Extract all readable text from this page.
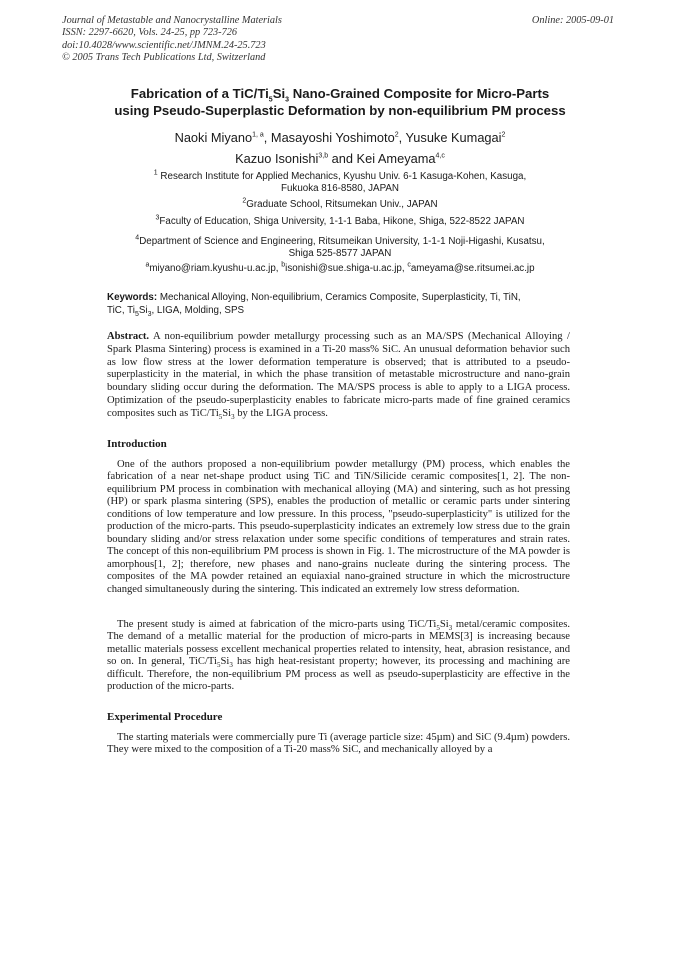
Journal of Metastable and Nanocrystalline Materials
ISSN: 2297-6620, Vols. 24-25, pp 723-726
doi:10.4028/www.scientific.net/JMNM.24-25.723
© 2005 Trans Tech Publications Ltd, Switzerland
Online: 2005-09-01
Fabrication of a TiC/$Ti_5Si_3$ Nano-Grained Composite for Micro-Parts
using Pseudo-Superplastic Deformation by non-equilibrium PM process
Naoki Miyano$^{1, a}$, Masayoshi Yoshimoto$^2$, Yusuke Kumagai$^2$
Kazuo Isonishi$^{3,b}$ and Kei Ameyama$^{4,c}$
$^1$ Research Institute for Applied Mechanics, Kyushu Univ. 6-1 Kasuga-Kohen, Kasuga,
Fukuoka 816-8580, JAPAN
$^2$Graduate School, Ritsumekan Univ., JAPAN
$^3$Faculty of Education, Shiga University, 1-1-1 Baba, Hikone, Shiga, 522-8522 JAPAN
$^4$Department of Science and Engineering, Ritsumeikan University, 1-1-1 Noji-Higashi, Kusatsu,
Shiga 525-8577 JAPAN
$^a$miyano@riam.kyushu-u.ac.jp, $^b$isonishi@sue.shiga-u.ac.jp, $^c$ameyama@se.ritsumei.ac.jp
Keywords: Mechanical Alloying, Non-equilibrium, Ceramics Composite, Superplasticity, Ti, TiN,
TiC, $Ti_5Si_3$, LIGA, Molding, SPS
Abstract. A non-equilibrium powder metallurgy processing such as an MA/SPS (Mechanical Alloying / Spark Plasma Sintering) process is examined in a Ti-20 mass% SiC. An unusual deformation behavior such as low flow stress at the lower deformation temperature is observed; that is attributed to a pseudo-superplasticity in the material, in which the phase transition of metastable microstructure and nano-grain boundary sliding occur during the deformation. The MA/SPS process is able to apply to a LIGA process. Optimization of the pseudo-superplasticity enables to fabricate micro-parts made of fine grained ceramics composites such as TiC/$Ti_5Si_3$ by the LIGA process.
Introduction
One of the authors proposed a non-equilibrium powder metallurgy (PM) process, which enables the fabrication of a near net-shape product using TiC and TiN/Silicide ceramic composites[1, 2]. The non-equilibrium PM process in combination with mechanical alloying (MA) and sintering, such as hot pressing (HP) or spark plasma sintering (SPS), enables the production of metallic or ceramic parts under sintering conditions of low temperature and low pressure. In this process, "pseudo-superplasticity" is utilized for the production of the micro-parts. This pseudo-superplasticity indicates an extremely low stress due to the grain boundary sliding and/or stress relaxation under some specific conditions of temperatures and strain rates. The concept of this non-equilibrium PM process is shown in Fig. 1. The microstructure of the MA powder is amorphous[1, 2]; therefore, new phases and nano-grains nucleate during the sintering process. The composites of the MA powder retained an equiaxial nano-grained structure in which the microstructure changed simultaneously during the sintering. This indicated an extremely low stress deformation.
The present study is aimed at fabrication of the micro-parts using TiC/$Ti_5Si_3$ metal/ceramic composites. The demand of a metallic material for the production of micro-parts in MEMS[3] is increasing because metallic materials possess excellent mechanical properties related to intensity, heat, abrasion resistance, and so on. In general, TiC/$Ti_5Si_3$ has high heat-resistant property; however, its processing and machining are difficult. Therefore, the non-equilibrium PM process as well as pseudo-superplasticity are effective in the production of the micro-parts.
Experimental Procedure
The starting materials were commercially pure Ti (average particle size: 45µm) and SiC (9.4µm) powders. They were mixed to the composition of a Ti-20 mass% SiC, and mechanically alloyed by a
